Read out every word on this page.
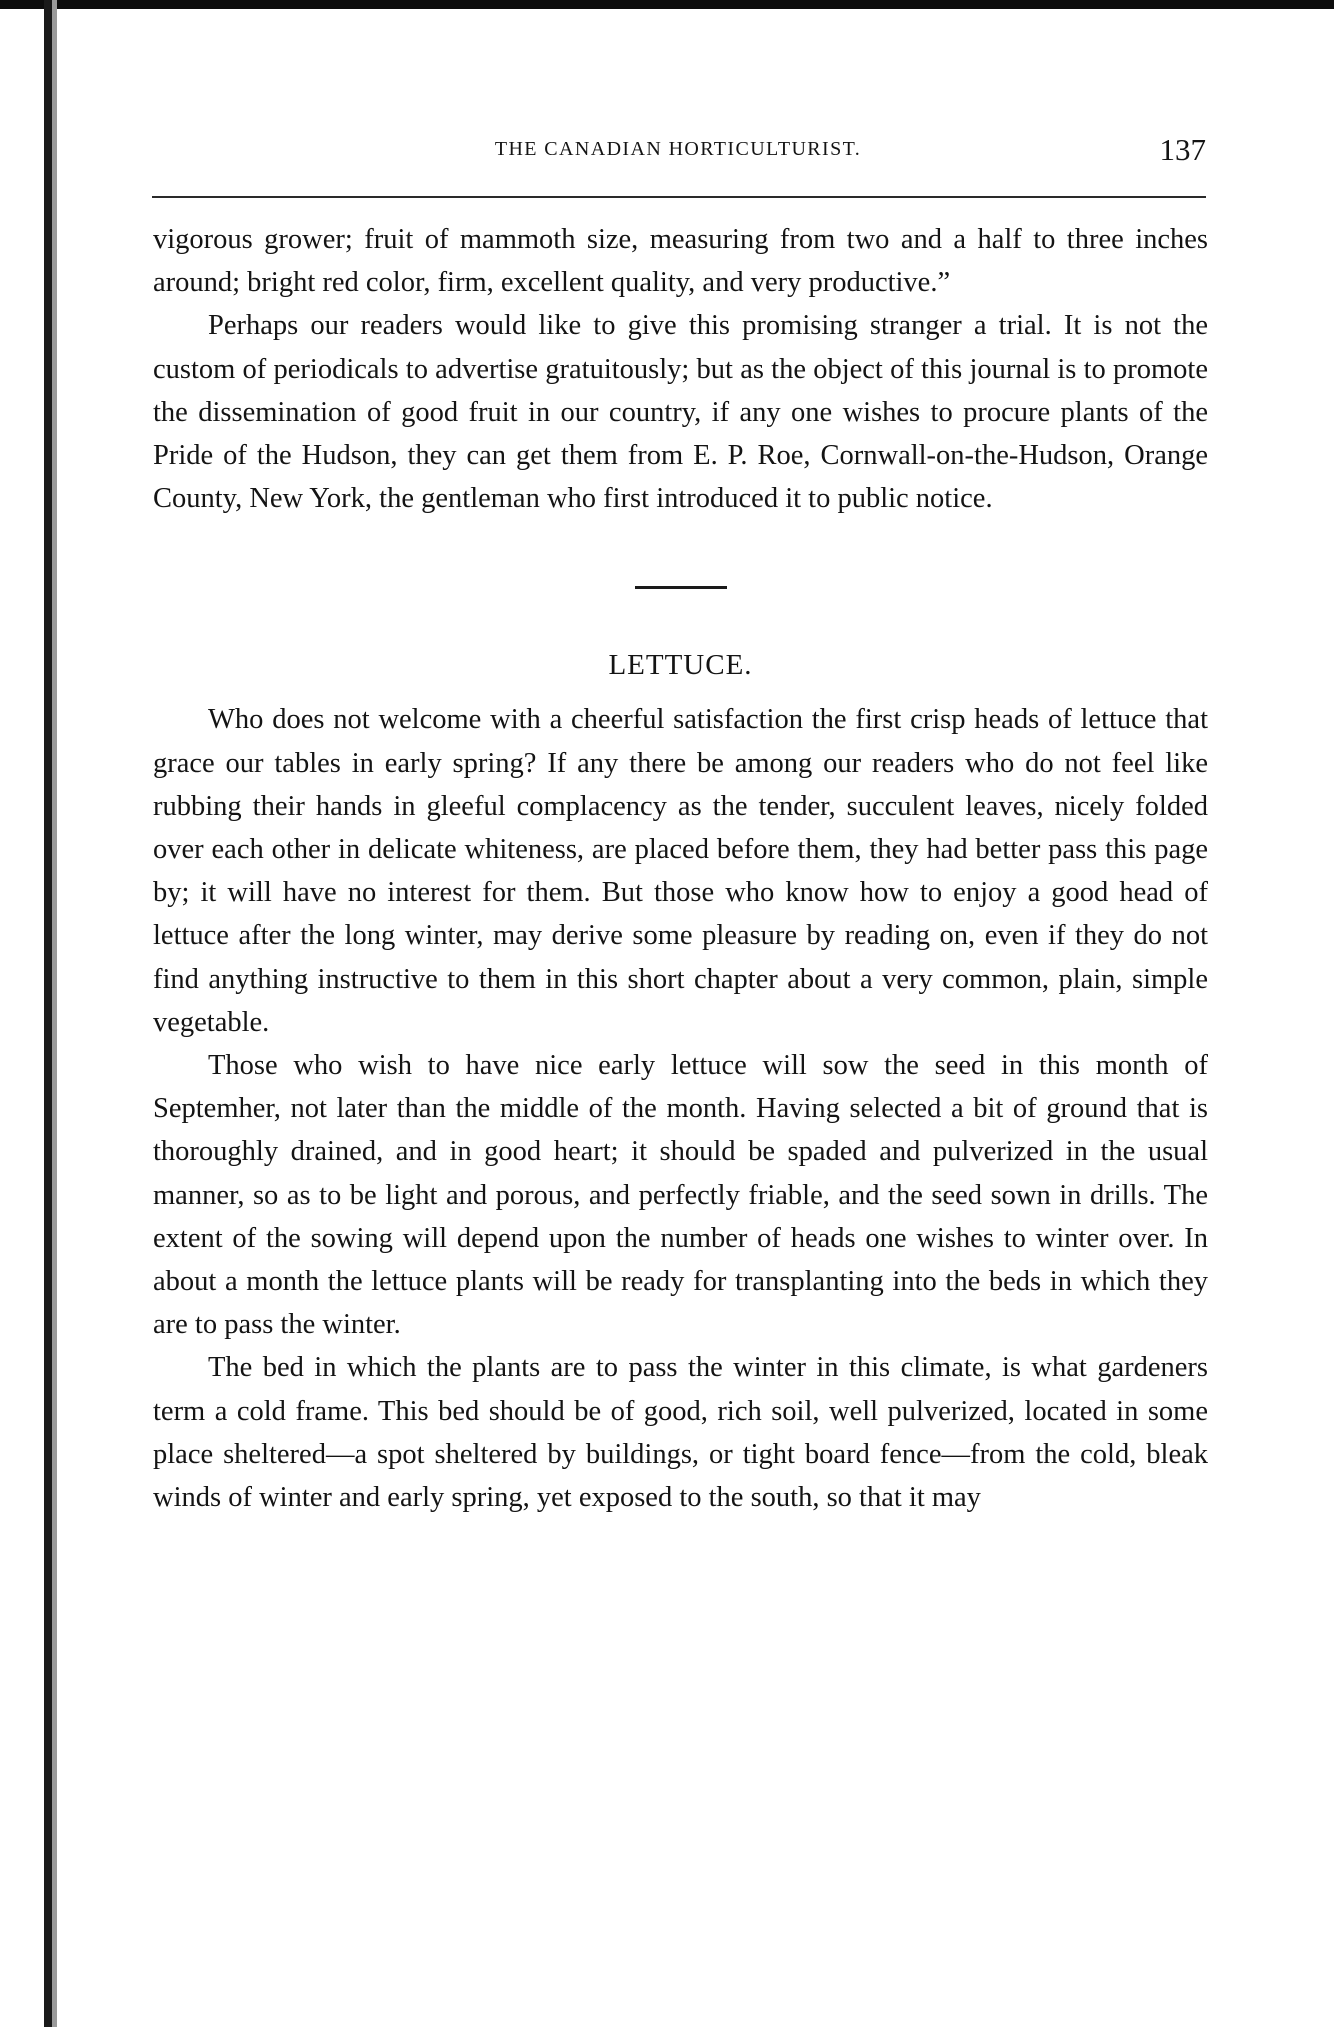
THE CANADIAN HORTICULTURIST.	137

vigorous grower; fruit of mammoth size, measuring from two and a half to three inches around; bright red color, firm, excellent quality, and very productive.”

Perhaps our readers would like to give this promising stranger a trial. It is not the custom of periodicals to advertise gratuitously; but as the object of this journal is to promote the dissemination of good fruit in our country, if any one wishes to procure plants of the Pride of the Hudson, they can get them from E. P. Roe, Cornwall-on-the-Hudson, Orange County, New York, the gentleman who first introduced it to public notice.

LETTUCE.

Who does not welcome with a cheerful satisfaction the first crisp heads of lettuce that grace our tables in early spring? If any there be among our readers who do not feel like rubbing their hands in gleeful complacency as the tender, succulent leaves, nicely folded over each other in delicate whiteness, are placed before them, they had better pass this page by; it will have no interest for them. But those who know how to enjoy a good head of lettuce after the long winter, may derive some pleasure by reading on, even if they do not find anything instructive to them in this short chapter about a very common, plain, simple vegetable.

Those who wish to have nice early lettuce will sow the seed in this month of Septemher, not later than the middle of the month. Having selected a bit of ground that is thoroughly drained, and in good heart; it should be spaded and pulverized in the usual manner, so as to be light and porous, and perfectly friable, and the seed sown in drills. The extent of the sowing will depend upon the number of heads one wishes to winter over. In about a month the lettuce plants will be ready for transplanting into the beds in which they are to pass the winter.

The bed in which the plants are to pass the winter in this climate, is what gardeners term a cold frame. This bed should be of good, rich soil, well pulverized, located in some place sheltered—a spot sheltered by buildings, or tight board fence—from the cold, bleak winds of winter and early spring, yet exposed to the south, so that it may
